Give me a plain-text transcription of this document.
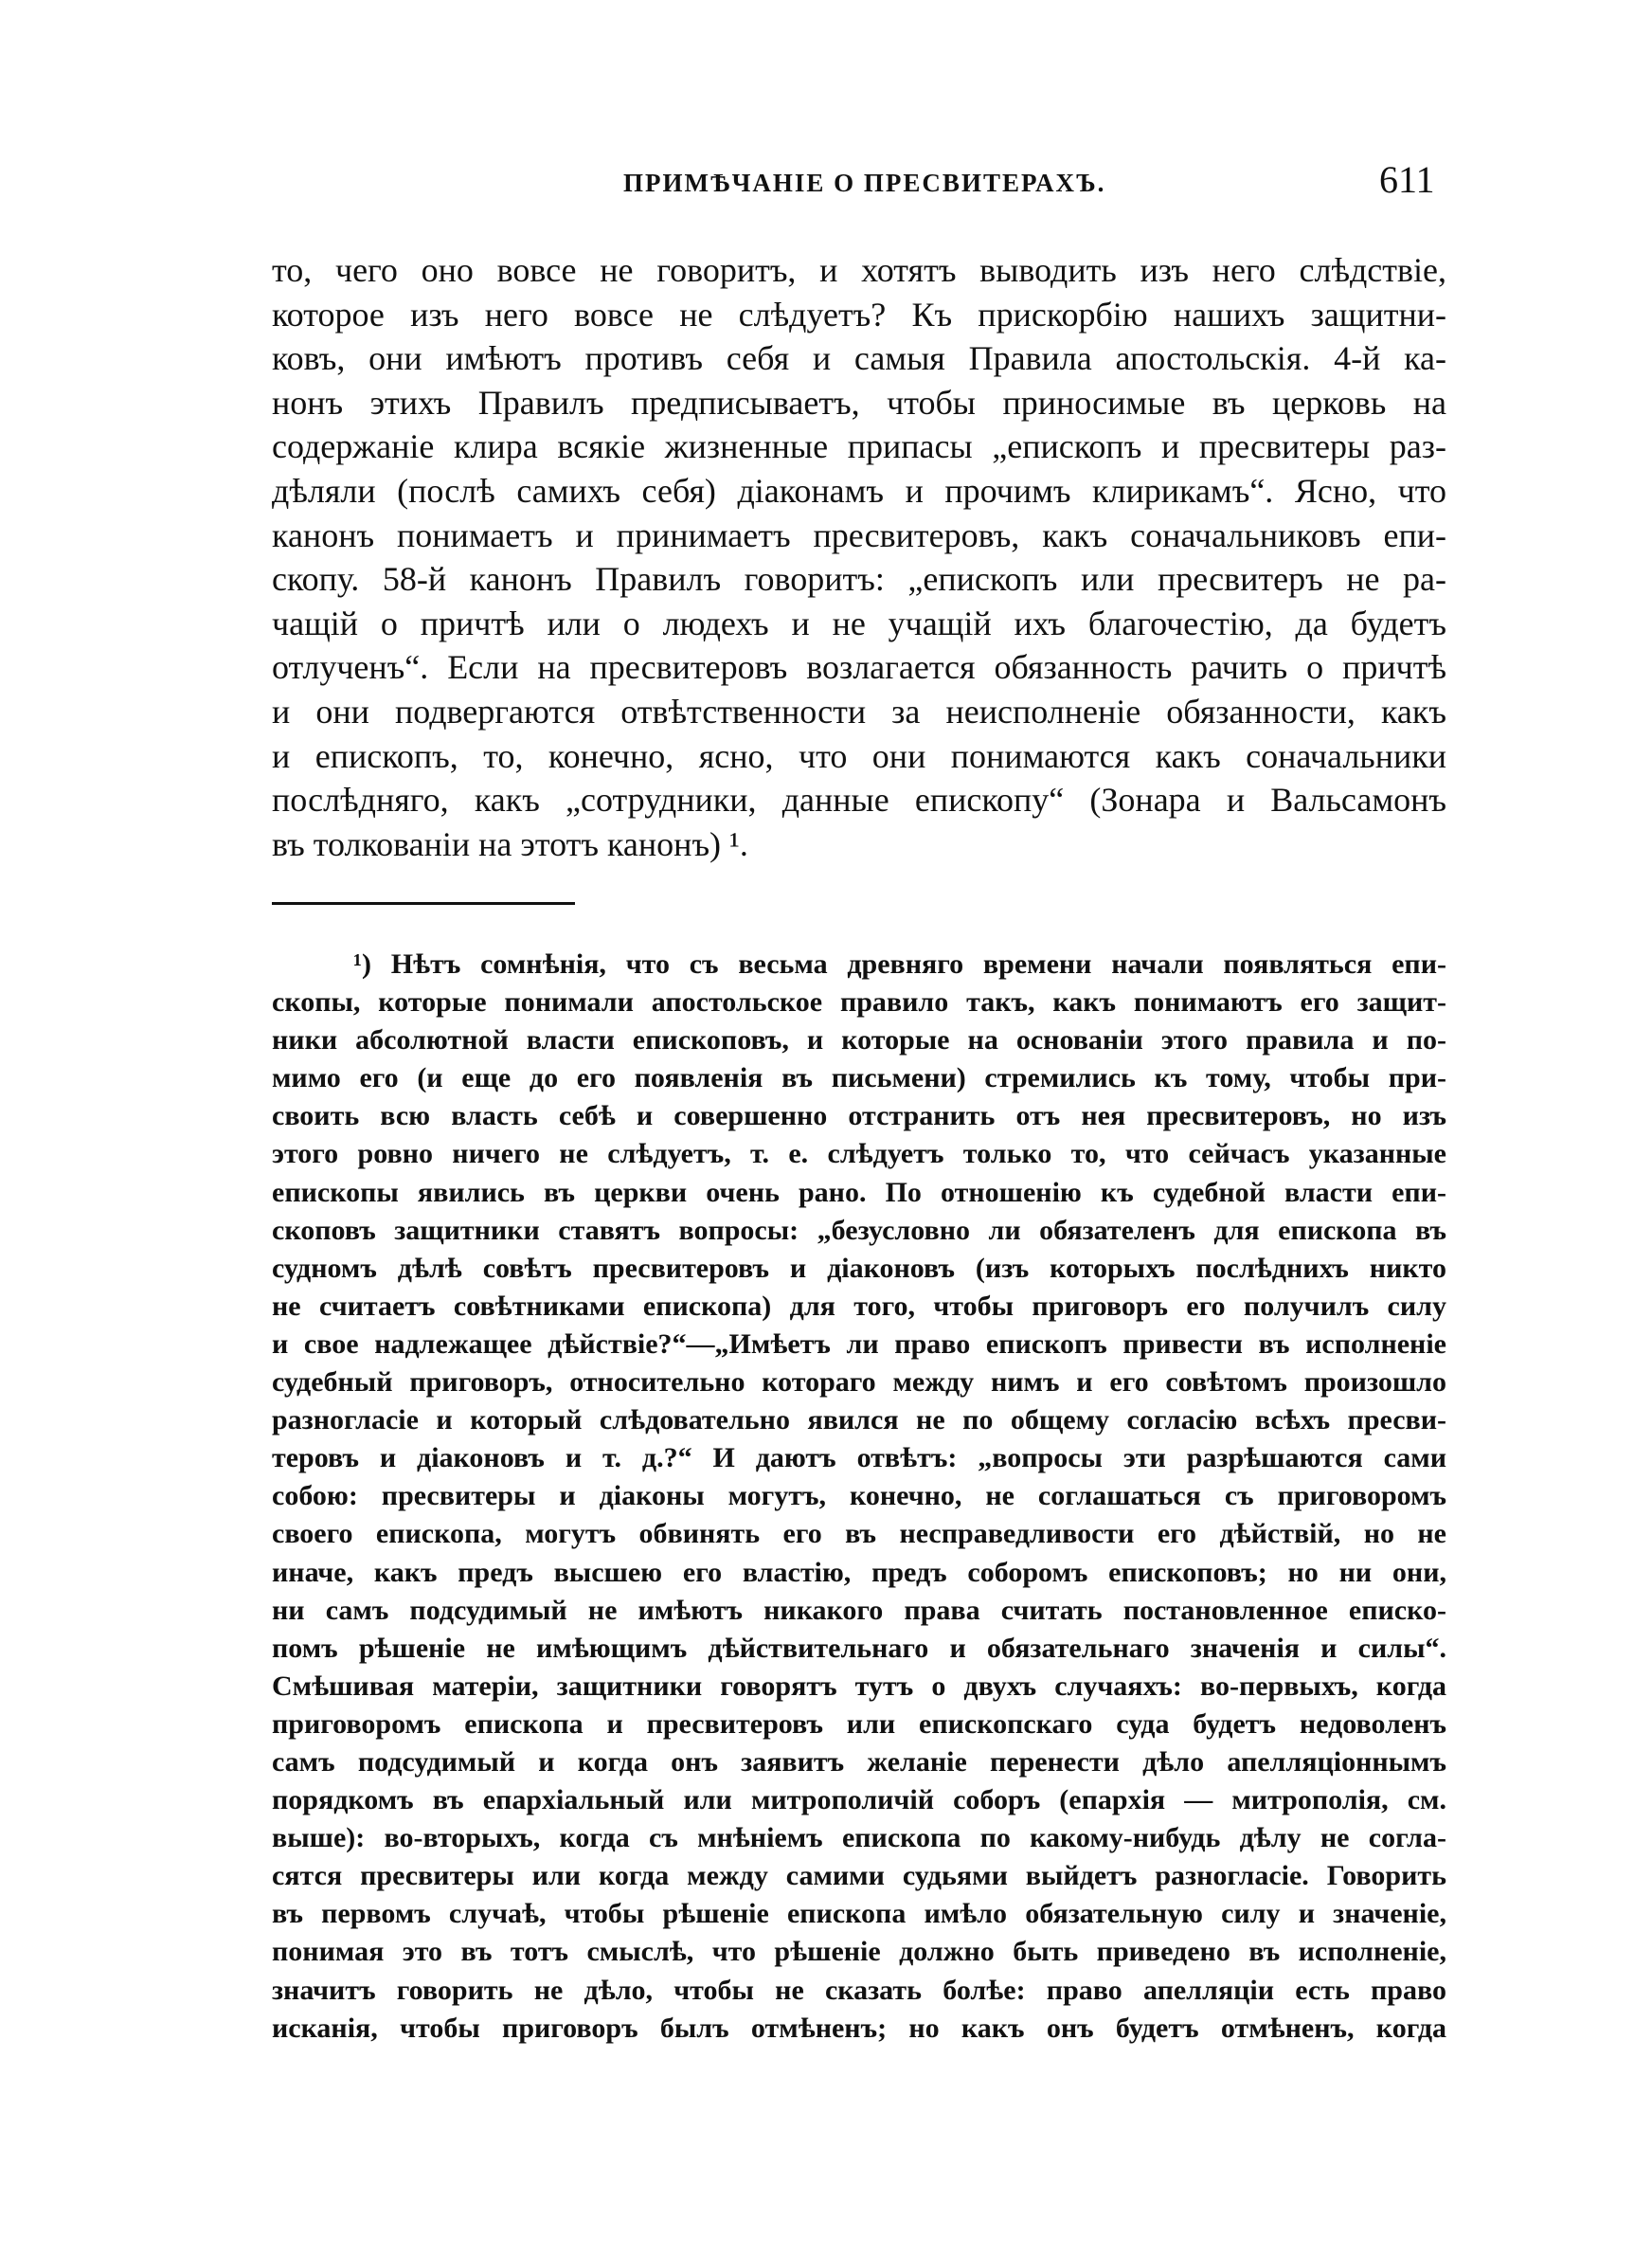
ПРИМѢЧАНІЕ О ПРЕСВИТЕРАХЪ.	611
то, чего оно вовсе не говоритъ, и хотятъ выводить изъ него слѣдствіе,
которое изъ него вовсе не слѣдуетъ? Къ прискорбію нашихъ защитни-
ковъ, они имѣютъ противъ себя и самыя Правила апостольскія. 4-й ка-
нонъ этихъ Правилъ предписываетъ, чтобы приносимые въ церковь на
содержаніе клира всякіе жизненные припасы „епископъ и пресвитеры раз-
дѣляли (послѣ самихъ себя) діаконамъ и прочимъ клирикамъ“. Ясно, что
канонъ понимаетъ и принимаетъ пресвитеровъ, какъ соначальниковъ епи-
скопу. 58-й канонъ Правилъ говоритъ: „епископъ или пресвитеръ не ра-
чащій о причтѣ или о людехъ и не учащій ихъ благочестію, да будетъ
отлученъ“. Если на пресвитеровъ возлагается обязанность рачить о причтѣ
и они подвергаются отвѣтственности за неисполненіе обязанности, какъ
и епископъ, то, конечно, ясно, что они понимаются какъ соначальники
послѣдняго, какъ „сотрудники, данные епископу“ (Зонара и Вальсамонъ
въ толкованіи на этотъ канонъ) ¹.
¹) Нѣтъ сомнѣнія, что съ весьма древняго времени начали появляться епи-
скопы, которые понимали апостольское правило такъ, какъ понимаютъ его защит-
ники абсолютной власти епископовъ, и которые на основаніи этого правила и по-
мимо его (и еще до его появленія въ письмени) стремились къ тому, чтобы при-
своить всю власть себѣ и совершенно отстранить отъ нея пресвитеровъ, но изъ
этого ровно ничего не слѣдуетъ, т. е. слѣдуетъ только то, что сейчасъ указанные
епископы явились въ церкви очень рано. По отношенію къ судебной власти епи-
скоповъ защитники ставятъ вопросы: „безусловно ли обязателенъ для епископа въ
судномъ дѣлѣ совѣтъ пресвитеровъ и діаконовъ (изъ которыхъ послѣднихъ никто
не считаетъ совѣтниками епископа) для того, чтобы приговоръ его получилъ силу
и свое надлежащее дѣйствіе?“—„Имѣетъ ли право епископъ привести въ исполненіе
судебный приговоръ, относительно котораго между нимъ и его совѣтомъ произошло
разногласіе и который слѣдовательно явился не по общему согласію всѣхъ пресви-
теровъ и діаконовъ и т. д.?“ И даютъ отвѣтъ: „вопросы эти разрѣшаются сами
собою: пресвитеры и діаконы могутъ, конечно, не соглашаться съ приговоромъ
своего епископа, могутъ обвинять его въ несправедливости его дѣйствій, но не
иначе, какъ предъ высшею его властію, предъ соборомъ епископовъ; но ни они,
ни самъ подсудимый не имѣютъ никакого права считать постановленное еписко-
помъ рѣшеніе не имѣющимъ дѣйствительнаго и обязательнаго значенія и силы“.
Смѣшивая матеріи, защитники говорятъ тутъ о двухъ случаяхъ: во-первыхъ, когда
приговоромъ епископа и пресвитеровъ или епископскаго суда будетъ недоволенъ
самъ подсудимый и когда онъ заявитъ желаніе перенести дѣло апелляціоннымъ
порядкомъ въ епархіальный или митрополичій соборъ (епархія — митрополія, см.
выше): во-вторыхъ, когда съ мнѣніемъ епископа по какому-нибудь дѣлу не согла-
сятся пресвитеры или когда между самими судьями выйдетъ разногласіе. Говорить
въ первомъ случаѣ, чтобы рѣшеніе епископа имѣло обязательную силу и значеніе,
понимая это въ тотъ смыслѣ, что рѣшеніе должно быть приведено въ исполненіе,
значитъ говорить не дѣло, чтобы не сказать болѣе: право апелляціи есть право
исканія, чтобы приговоръ былъ отмѣненъ; но какъ онъ будетъ отмѣненъ, когда
